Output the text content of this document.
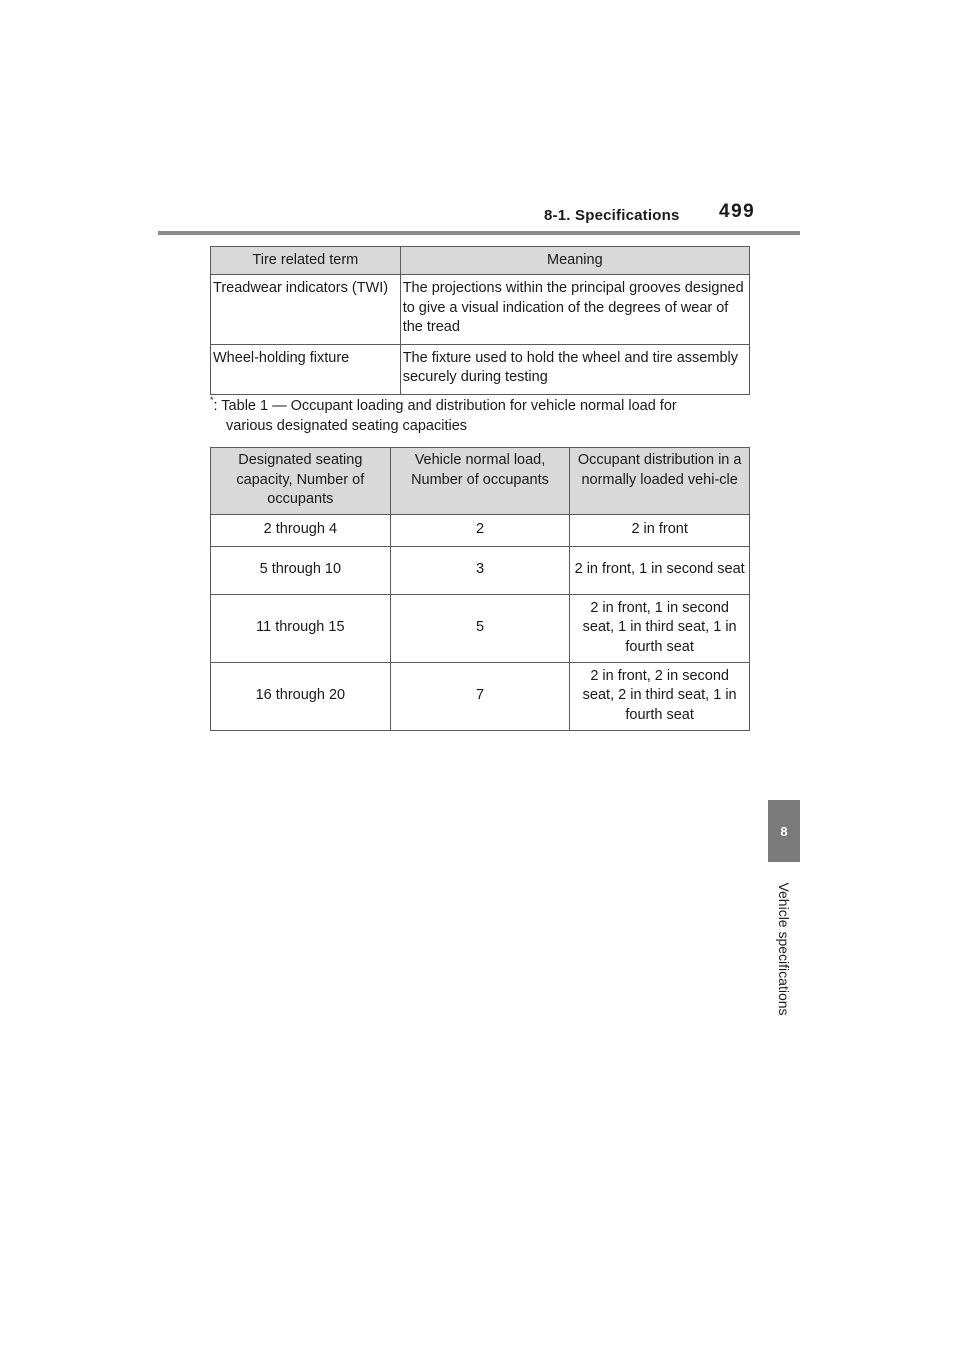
8-1. Specifications 499
8
Vehicle specifications
Tire related term	Meaning
Treadwear indicators (TWI)	The projections within the principal grooves designed to give a visual indication of the degrees of wear of the tread
Wheel-holding fixture	The fixture used to hold the wheel and tire assembly securely during testing
*: Table 1 — Occupant loading and distribution for vehicle normal load for
various designated seating capacities
Designated seating capacity, Number of occupants	Vehicle normal load, Number of occupants	Occupant distribution in a normally loaded vehi-cle
2 through 4	2	2 in front
5 through 10	3	2 in front, 1 in second seat
11 through 15	5	2 in front, 1 in second seat, 1 in third seat, 1 in fourth seat
16 through 20	7	2 in front, 2 in second seat, 2 in third seat, 1 in fourth seat
